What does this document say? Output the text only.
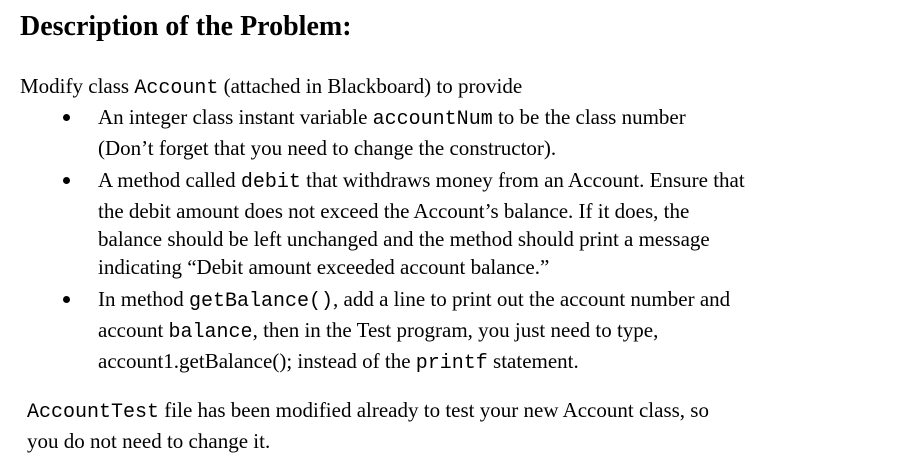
Description of the Problem:
Modify class Account (attached in Blackboard) to provide
An integer class instant variable accountNum to be the class number
(Don’t forget that you need to change the constructor).
A method called debit that withdraws money from an Account. Ensure that
the debit amount does not exceed the Account’s balance. If it does, the
balance should be left unchanged and the method should print a message
indicating “Debit amount exceeded account balance.”
In method getBalance(), add a line to print out the account number and
account balance, then in the Test program, you just need to type,
account1.getBalance(); instead of the printf statement.
AccountTest file has been modified already to test your new Account class, so
you do not need to change it.
